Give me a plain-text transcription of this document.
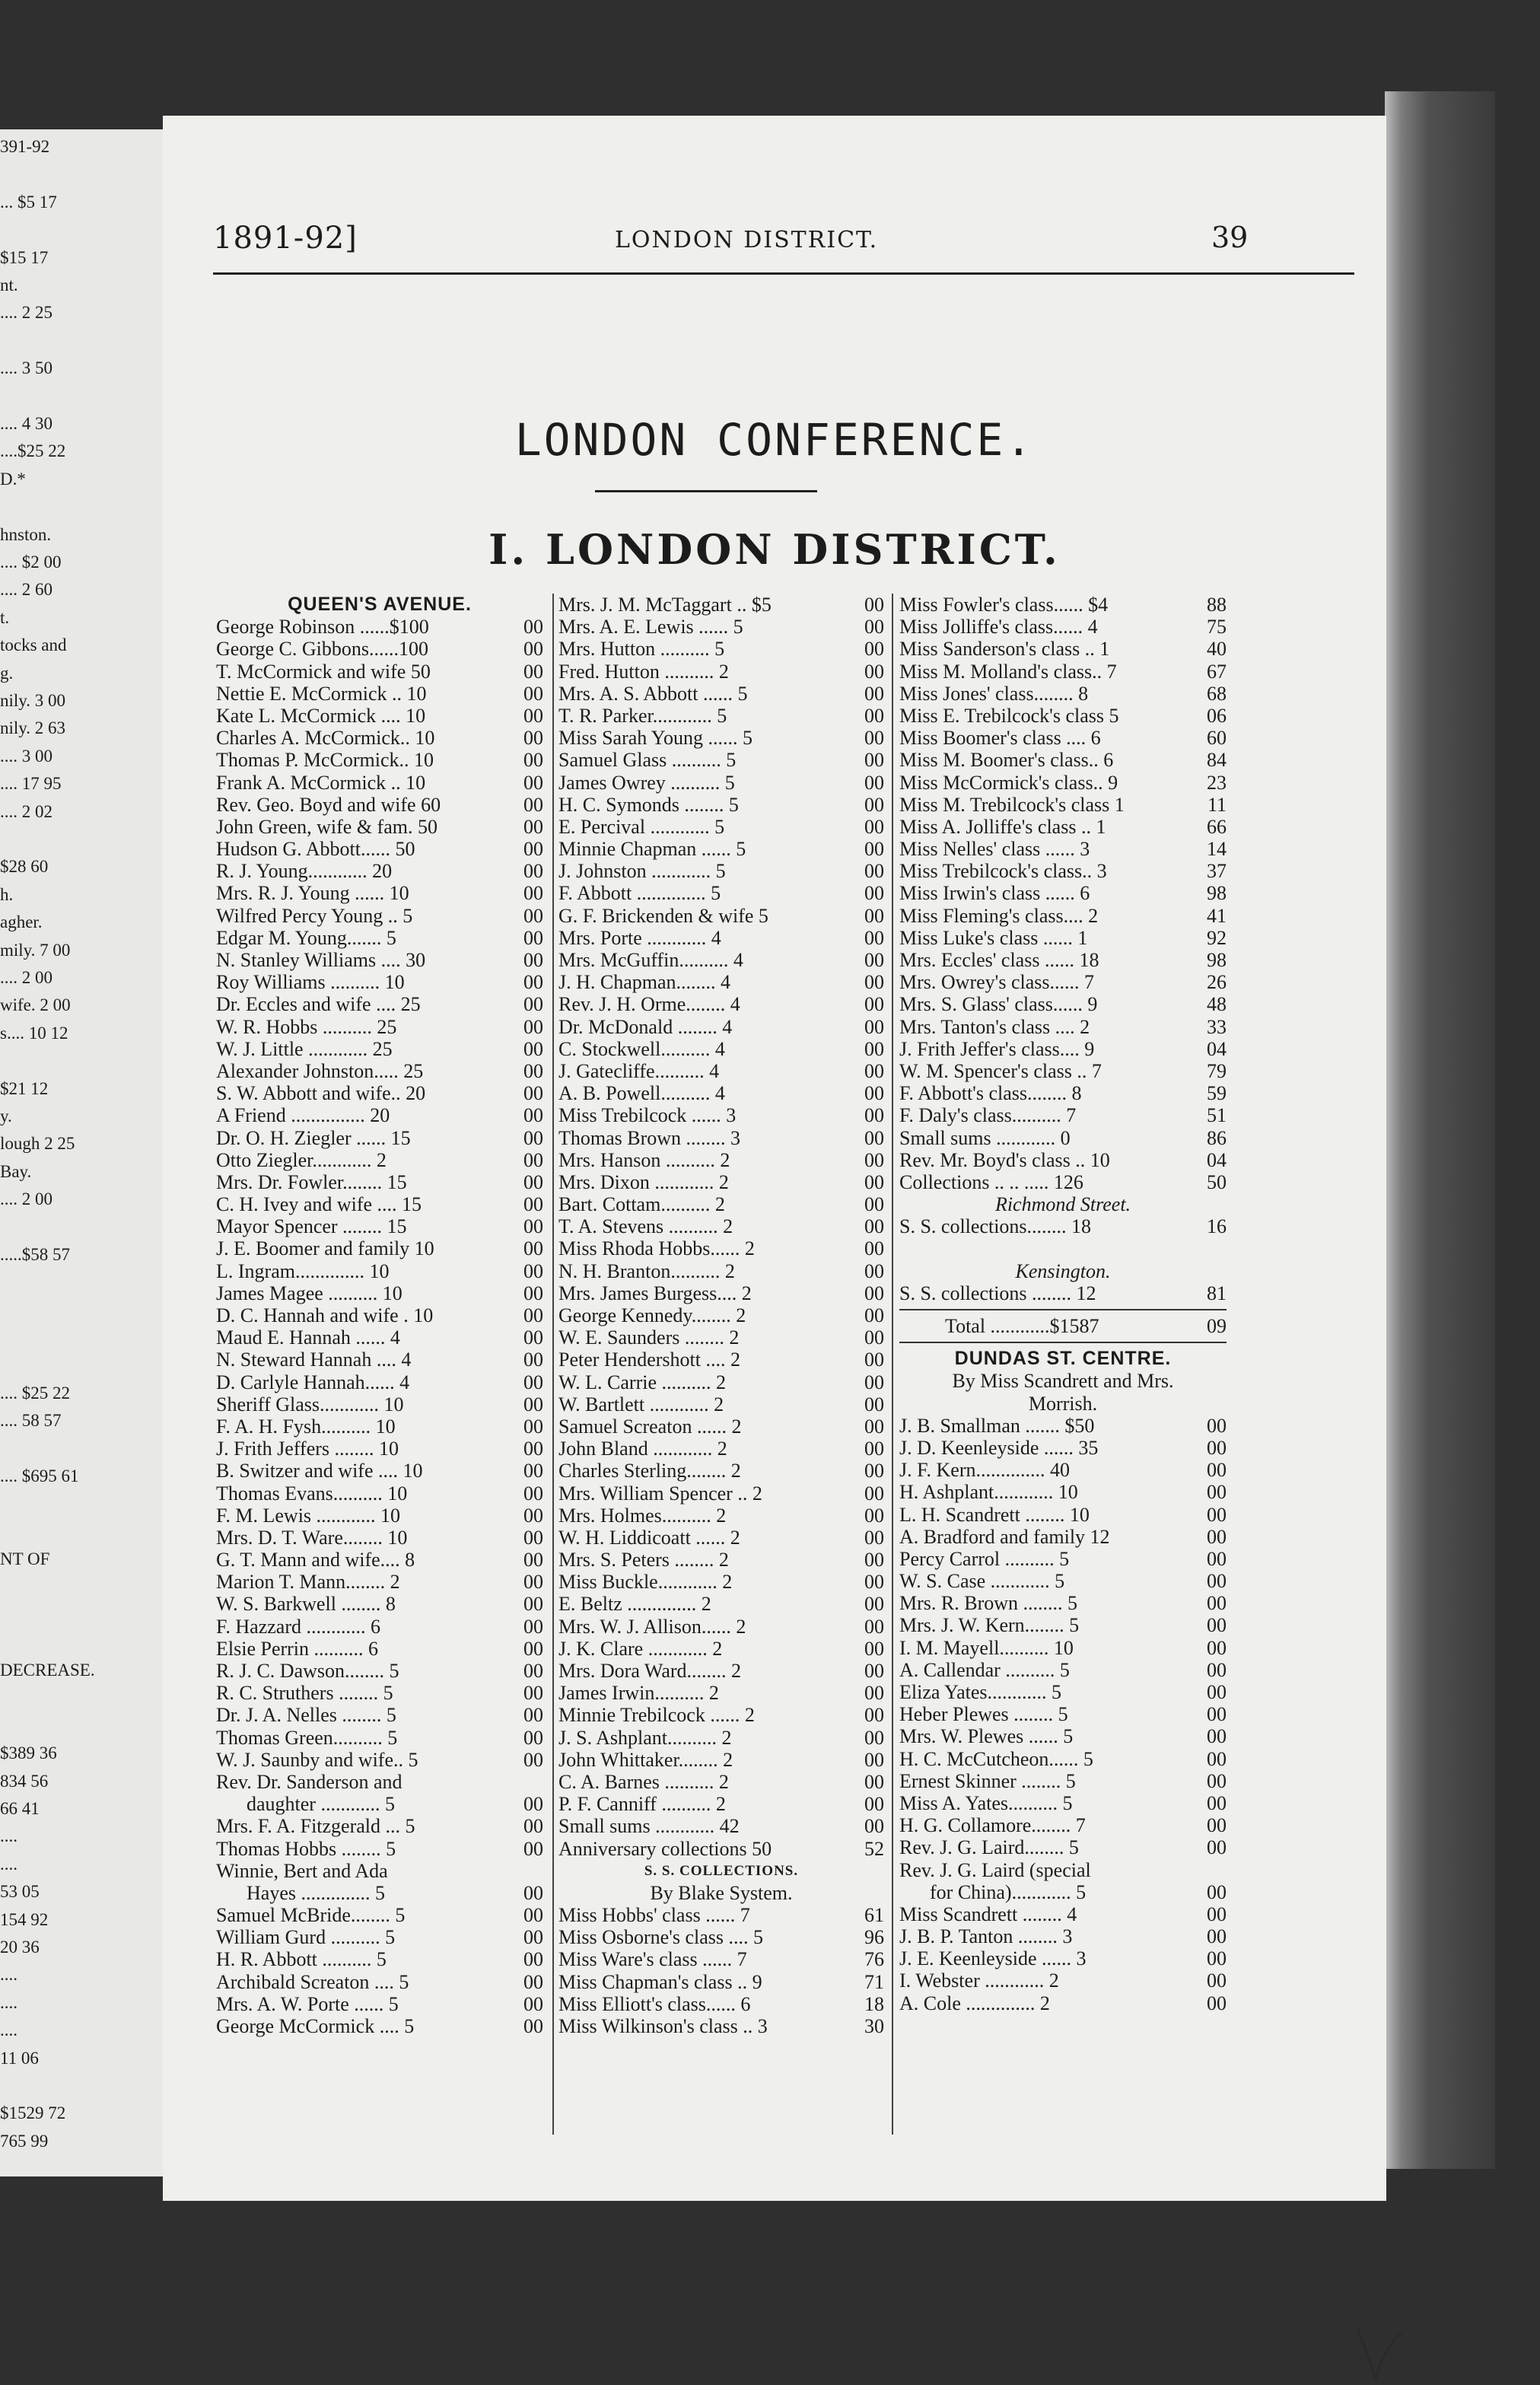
391-92
... $5 17
$15 17
nt.
.... 2 25
.... 3 50
.... 4 30
....$25 22
D.*
hnston.
.... $2 00
.... 2 60
t.
tocks and
g.
nily. 3 00
nily. 2 63
.... 3 00
.... 17 95
.... 2 02
$28 60
h.
agher.
mily. 7 00
.... 2 00
wife. 2 00
s.... 10 12
$21 12
y.
lough 2 25
Bay.
.... 2 00
.....$58 57
.... $25 22
.... 58 57
.... $695 61
NT OF
DECREASE.
$389 36
834 56
66 41
....
....
53 05
154 92
20 36
....
....
....
11 06
$1529 72
765 99
1891-92]	LONDON DISTRICT.	39
LONDON CONFERENCE.
I. LONDON DISTRICT.
QUEEN'S AVENUE.
George Robinson ......$100	00
George C. Gibbons......100	00
T. McCormick and wife 50	00
Nettie E. McCormick .. 10	00
Kate L. McCormick .... 10	00
Charles A. McCormick.. 10	00
Thomas P. McCormick.. 10	00
Frank A. McCormick .. 10	00
Rev. Geo. Boyd and wife 60	00
John Green, wife & fam. 50	00
Hudson G. Abbott...... 50	00
R. J. Young............ 20	00
Mrs. R. J. Young ...... 10	00
Wilfred Percy Young .. 5	00
Edgar M. Young....... 5	00
N. Stanley Williams .... 30	00
Roy Williams .......... 10	00
Dr. Eccles and wife .... 25	00
W. R. Hobbs .......... 25	00
W. J. Little ............ 25	00
Alexander Johnston..... 25	00
S. W. Abbott and wife.. 20	00
A Friend ............... 20	00
Dr. O. H. Ziegler ...... 15	00
Otto Ziegler............ 2	00
Mrs. Dr. Fowler........ 15	00
C. H. Ivey and wife .... 15	00
Mayor Spencer ........ 15	00
J. E. Boomer and family 10	00
L. Ingram.............. 10	00
James Magee .......... 10	00
D. C. Hannah and wife . 10	00
Maud E. Hannah ...... 4	00
N. Steward Hannah .... 4	00
D. Carlyle Hannah...... 4	00
Sheriff Glass............ 10	00
F. A. H. Fysh.......... 10	00
J. Frith Jeffers ........ 10	00
B. Switzer and wife .... 10	00
Thomas Evans.......... 10	00
F. M. Lewis ............ 10	00
Mrs. D. T. Ware........ 10	00
G. T. Mann and wife.... 8	00
Marion T. Mann........ 2	00
W. S. Barkwell ........ 8	00
F. Hazzard ............ 6	00
Elsie Perrin .......... 6	00
R. J. C. Dawson........ 5	00
R. C. Struthers ........ 5	00
Dr. J. A. Nelles ........ 5	00
Thomas Green.......... 5	00
W. J. Saunby and wife.. 5	00
Rev. Dr. Sanderson and
daughter ............ 5	00
Mrs. F. A. Fitzgerald ... 5	00
Thomas Hobbs ........ 5	00
Winnie, Bert and Ada
Hayes .............. 5	00
Samuel McBride........ 5	00
William Gurd .......... 5	00
H. R. Abbott .......... 5	00
Archibald Screaton .... 5	00
Mrs. A. W. Porte ...... 5	00
George McCormick .... 5	00
Mrs. J. M. McTaggart .. $5	00
Mrs. A. E. Lewis ...... 5	00
Mrs. Hutton .......... 5	00
Fred. Hutton .......... 2	00
Mrs. A. S. Abbott ...... 5	00
T. R. Parker............ 5	00
Miss Sarah Young ...... 5	00
Samuel Glass .......... 5	00
James Owrey .......... 5	00
H. C. Symonds ........ 5	00
E. Percival ............ 5	00
Minnie Chapman ...... 5	00
J. Johnston ............ 5	00
F. Abbott .............. 5	00
G. F. Brickenden & wife 5	00
Mrs. Porte ............ 4	00
Mrs. McGuffin.......... 4	00
J. H. Chapman........ 4	00
Rev. J. H. Orme........ 4	00
Dr. McDonald ........ 4	00
C. Stockwell.......... 4	00
J. Gatecliffe.......... 4	00
A. B. Powell.......... 4	00
Miss Trebilcock ...... 3	00
Thomas Brown ........ 3	00
Mrs. Hanson .......... 2	00
Mrs. Dixon ............ 2	00
Bart. Cottam.......... 2	00
T. A. Stevens .......... 2	00
Miss Rhoda Hobbs...... 2	00
N. H. Branton.......... 2	00
Mrs. James Burgess.... 2	00
George Kennedy........ 2	00
W. E. Saunders ........ 2	00
Peter Hendershott .... 2	00
W. L. Carrie .......... 2	00
W. Bartlett ............ 2	00
Samuel Screaton ...... 2	00
John Bland ............ 2	00
Charles Sterling........ 2	00
Mrs. William Spencer .. 2	00
Mrs. Holmes.......... 2	00
W. H. Liddicoatt ...... 2	00
Mrs. S. Peters ........ 2	00
Miss Buckle............ 2	00
E. Beltz .............. 2	00
Mrs. W. J. Allison...... 2	00
J. K. Clare ............ 2	00
Mrs. Dora Ward........ 2	00
James Irwin.......... 2	00
Minnie Trebilcock ...... 2	00
J. S. Ashplant.......... 2	00
John Whittaker........ 2	00
C. A. Barnes .......... 2	00
P. F. Canniff .......... 2	00
Small sums ............ 42	00
Anniversary collections 50	52
S. S. COLLECTIONS.
By Blake System.
Miss Hobbs' class ...... 7	61
Miss Osborne's class .... 5	96
Miss Ware's class ...... 7	76
Miss Chapman's class .. 9	71
Miss Elliott's class...... 6	18
Miss Wilkinson's class .. 3	30
Miss Fowler's class...... $4	88
Miss Jolliffe's class...... 4	75
Miss Sanderson's class .. 1	40
Miss M. Molland's class.. 7	67
Miss Jones' class........ 8	68
Miss E. Trebilcock's class 5	06
Miss Boomer's class .... 6	60
Miss M. Boomer's class.. 6	84
Miss McCormick's class.. 9	23
Miss M. Trebilcock's class 1	11
Miss A. Jolliffe's class .. 1	66
Miss Nelles' class ...... 3	14
Miss Trebilcock's class.. 3	37
Miss Irwin's class ...... 6	98
Miss Fleming's class.... 2	41
Miss Luke's class ...... 1	92
Mrs. Eccles' class ...... 18	98
Mrs. Owrey's class...... 7	26
Mrs. S. Glass' class...... 9	48
Mrs. Tanton's class .... 2	33
J. Frith Jeffer's class.... 9	04
W. M. Spencer's class .. 7	79
F. Abbott's class........ 8	59
F. Daly's class.......... 7	51
Small sums ............ 0	86
Rev. Mr. Boyd's class .. 10	04
Collections .. .. ..... 126	50
Richmond Street.
S. S. collections........ 18	16
Kensington.
S. S. collections ........ 12	81
Total ............$1587	09
DUNDAS ST. CENTRE.
By Miss Scandrett and Mrs.
Morrish.
J. B. Smallman ....... $50	00
J. D. Keenleyside ...... 35	00
J. F. Kern.............. 40	00
H. Ashplant............ 10	00
L. H. Scandrett ........ 10	00
A. Bradford and family 12	00
Percy Carrol .......... 5	00
W. S. Case ............ 5	00
Mrs. R. Brown ........ 5	00
Mrs. J. W. Kern........ 5	00
I. M. Mayell.......... 10	00
A. Callendar .......... 5	00
Eliza Yates............ 5	00
Heber Plewes ........ 5	00
Mrs. W. Plewes ...... 5	00
H. C. McCutcheon...... 5	00
Ernest Skinner ........ 5	00
Miss A. Yates.......... 5	00
H. G. Collamore........ 7	00
Rev. J. G. Laird........ 5	00
Rev. J. G. Laird (special
for China)............ 5	00
Miss Scandrett ........ 4	00
J. B. P. Tanton ........ 3	00
J. E. Keenleyside ...... 3	00
I. Webster ............ 2	00
A. Cole .............. 2	00
